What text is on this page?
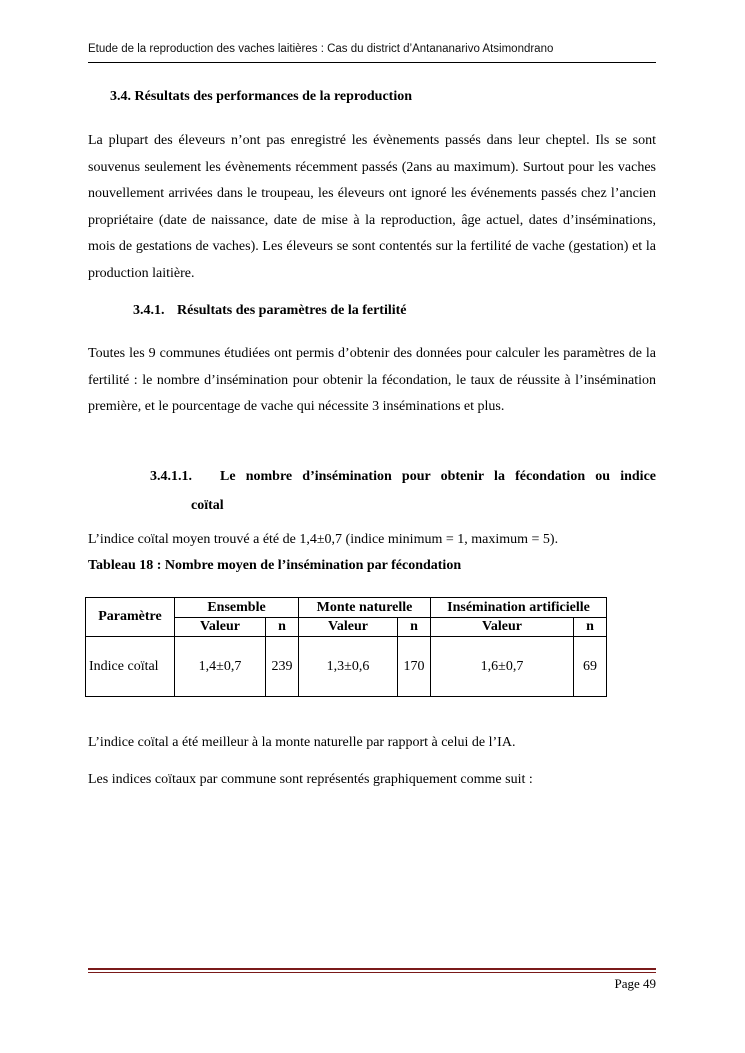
Etude de la reproduction des vaches laitières : Cas du district d’Antananarivo Atsimondrano
3.4. Résultats des performances de la reproduction

La plupart des éleveurs n’ont pas enregistré les évènements passés dans leur cheptel. Ils se sont souvenus seulement les évènements récemment passés (2ans au maximum). Surtout pour les vaches nouvellement arrivées dans le troupeau, les éleveurs ont ignoré les événements passés chez l’ancien propriétaire (date de naissance, date de mise à la reproduction, âge actuel, dates d’inséminations, mois de gestations de vaches). Les éleveurs se sont contentés sur la fertilité de vache (gestation) et la production laitière.

3.4.1. Résultats des paramètres de la fertilité

Toutes les 9 communes étudiées ont permis d’obtenir des données pour calculer les paramètres de la fertilité : le nombre d’insémination pour obtenir la fécondation, le taux de réussite à l’insémination première, et le pourcentage de vache qui nécessite 3 inséminations et plus.

3.4.1.1. Le nombre d’insémination pour obtenir la fécondation ou indice
coïtal
L’indice coïtal moyen trouvé a été de 1,4±0,7 (indice minimum = 1, maximum = 5).
Tableau 18 : Nombre moyen de l’insémination par fécondation
Paramètre	Ensemble		Monte naturelle		Insémination artificielle	
	Valeur	n	Valeur	n	Valeur	n
Indice coïtal	1,4±0,7	239	1,3±0,6	170	1,6±0,7	69
L’indice coïtal a été meilleur à la monte naturelle par rapport à celui de l’IA.
Les indices coïtaux par commune sont représentés graphiquement comme suit :
Page 49
